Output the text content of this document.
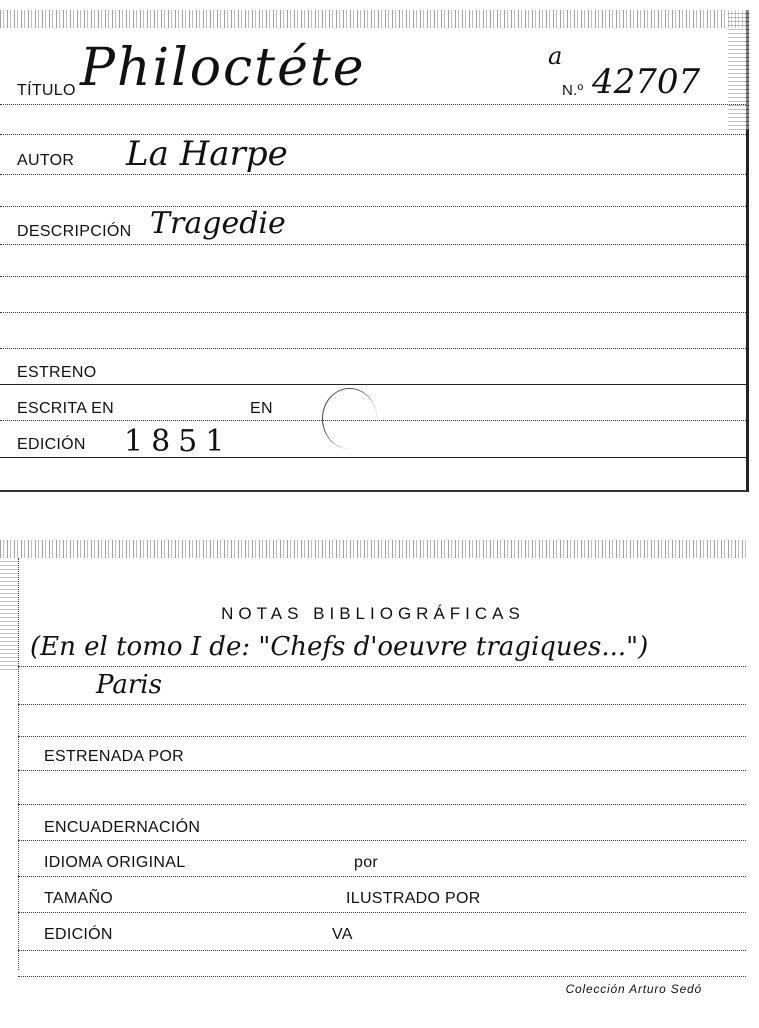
TÍTULO Philoctéte	a
N.º 42707
AUTOR La Harpe
DESCRIPCIÓN Tragedie
ESTRENO
ESCRITA EN	EN
EDICIÓN 1851
NOTAS BIBLIOGRÁFICAS
(En el tomo I de: "Chefs d'oeuvre tragiques...")
Paris
ESTRENADA POR
ENCUADERNACIÓN
IDIOMA ORIGINAL	por
TAMAÑO	ILUSTRADO POR
EDICIÓN	VA
Colección Arturo Sedó
